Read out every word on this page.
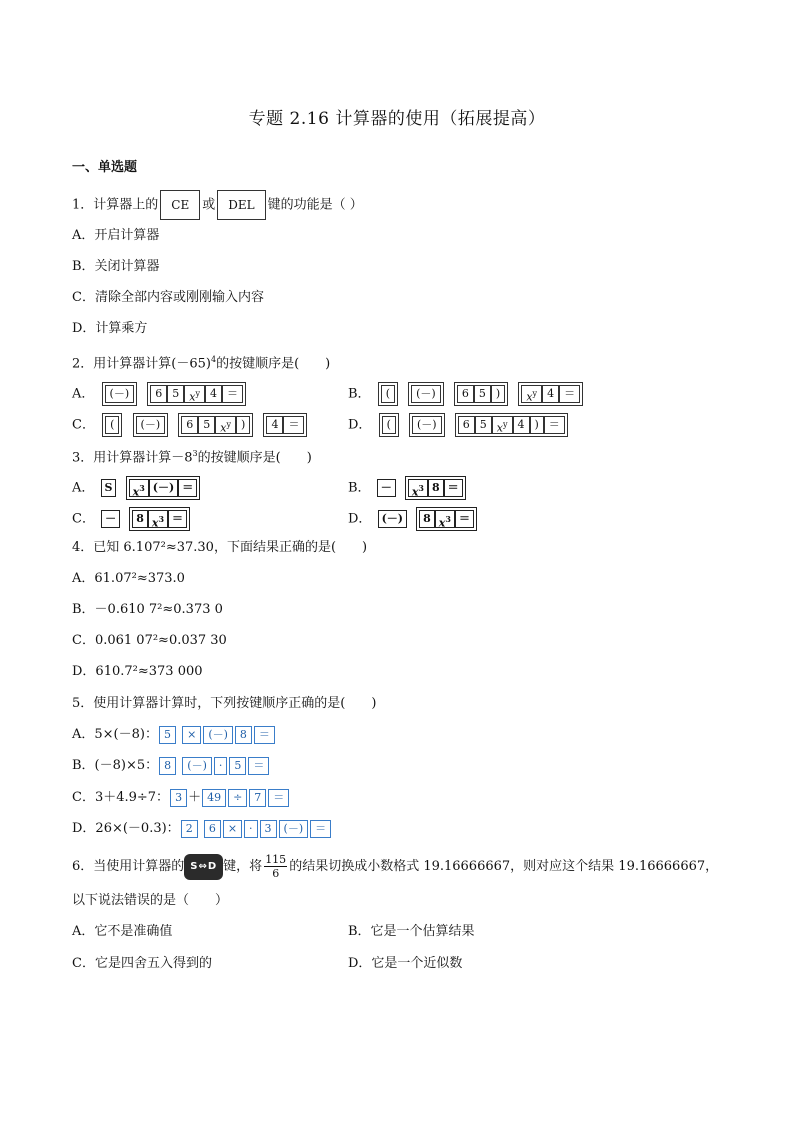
专题 2.16 计算器的使用（拓展提高）
一、单选题
1．计算器上的 CE 或 DEL 键的功能是（ ）
A．开启计算器
B．关闭计算器
C．清除全部内容或刚刚输入内容
D．计算乘方
2．用计算器计算$(-65)^4$的按键顺序是(　　)
A． (－) 6 5 $x^y$ 4 ＝	B． ( (－) 6 5 ) $x^y$ 4 ＝
C． ( (－) 6 5 $x^y$ ) 4 ＝	D． ( (－) 6 5 $x^y$ 4 ) ＝
3．用计算器计算$-8^3$的按键顺序是(　　)
A． S $x^3$ (－) ＝	B． － $x^3$ 8 ＝
C． － 8 $x^3$ ＝	D． (－) 8 $x^3$ ＝
4．已知 6.107²≈37.30，下面结果正确的是(　　)
A．61.07²≈373.0
B．－0.610 7²≈0.373 0
C．0.061 07²≈0.037 30
D．610.7²≈373 000
5．使用计算器计算时，下列按键顺序正确的是(　　)
A．5×(－8)： 5 × (－) 8 ＝
B．(－8)×5： 8 (－) · 5 ＝
C．3＋4.9÷7： 3 ＋ 49 ÷ 7 ＝
D．26×(－0.3)： 2 6 × · 3 (－) ＝
6．当使用计算器的 S⇔D 键，将 $\frac{115}{6}$ 的结果切换成小数格式 19.16666667，则对应这个结果 19.16666667，
以下说法错误的是（　　）
A．它不是准确值	B．它是一个估算结果
C．它是四舍五入得到的	D．它是一个近似数
